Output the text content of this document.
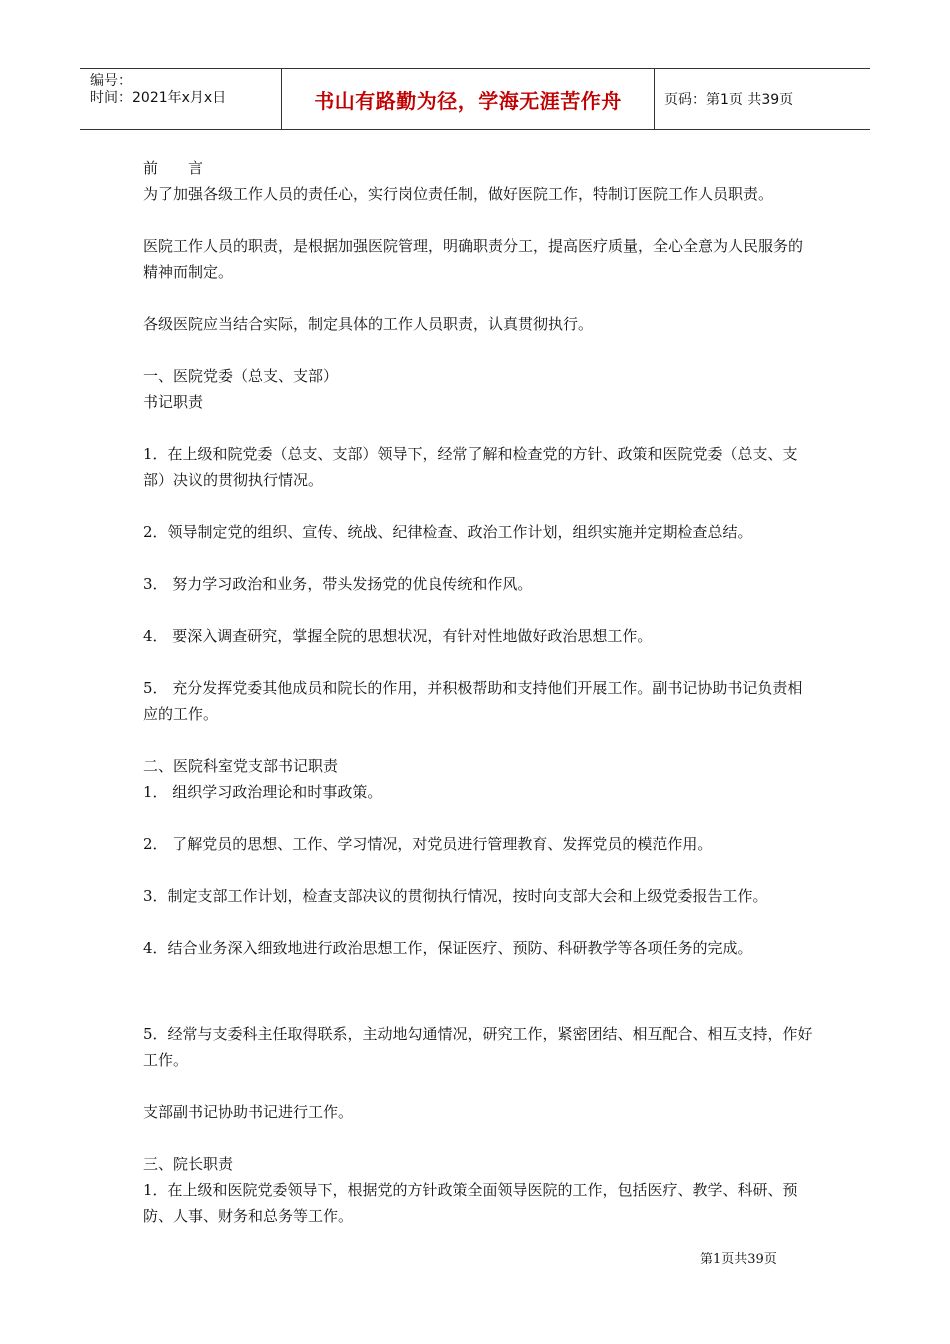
编号：
时间：2021年x月x日	书山有路勤为径，学海无涯苦作舟	页码：第1页 共39页

前　　言

为了加强各级工作人员的责任心，实行岗位责任制，做好医院工作，特制订医院工作人员职责。

医院工作人员的职责，是根据加强医院管理，明确职责分工，提高医疗质量，全心全意为人民服务的精神而制定。

各级医院应当结合实际，制定具体的工作人员职责，认真贯彻执行。

一、医院党委（总支、支部）

书记职责

1．在上级和院党委（总支、支部）领导下，经常了解和检查党的方针、政策和医院党委（总支、支部）决议的贯彻执行情况。

2．领导制定党的组织、宣传、统战、纪律检查、政治工作计划，组织实施并定期检查总结。

3． 努力学习政治和业务，带头发扬党的优良传统和作风。

4． 要深入调查研究，掌握全院的思想状况，有针对性地做好政治思想工作。

5． 充分发挥党委其他成员和院长的作用，并积极帮助和支持他们开展工作。副书记协助书记负责相应的工作。

二、医院科室党支部书记职责

1． 组织学习政治理论和时事政策。

2． 了解党员的思想、工作、学习情况，对党员进行管理教育、发挥党员的模范作用。

3．制定支部工作计划，检查支部决议的贯彻执行情况，按时向支部大会和上级党委报告工作。

4．结合业务深入细致地进行政治思想工作，保证医疗、预防、科研教学等各项任务的完成。

5．经常与支委科主任取得联系，主动地勾通情况，研究工作，紧密团结、相互配合、相互支持，作好工作。

支部副书记协助书记进行工作。

三、院长职责

1．在上级和医院党委领导下，根据党的方针政策全面领导医院的工作，包括医疗、教学、科研、预防、人事、财务和总务等工作。

第1页共39页
